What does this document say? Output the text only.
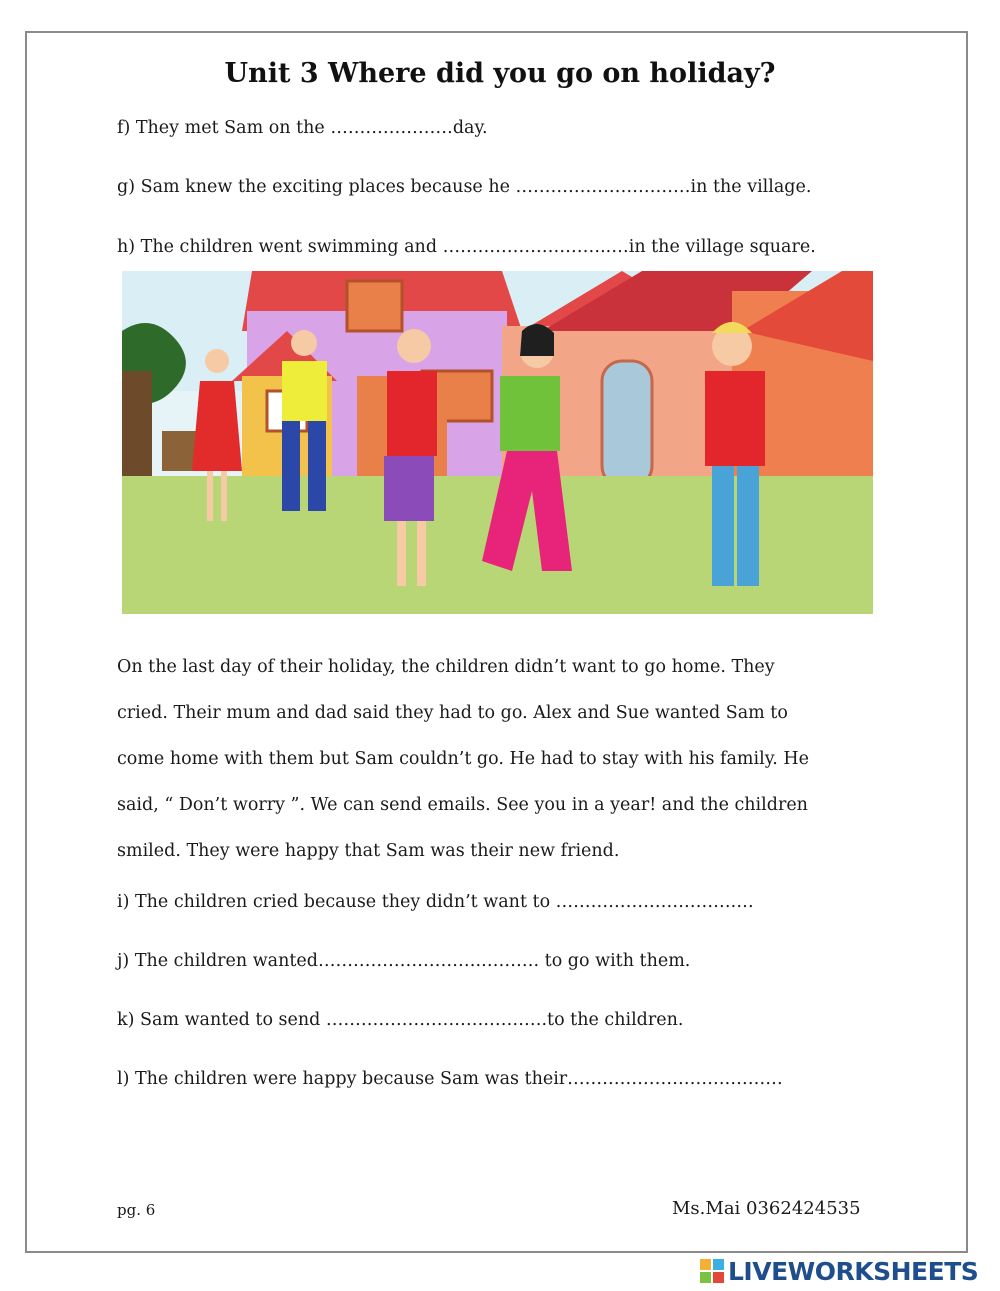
Unit 3 Where did you go on holiday?
f) They met Sam on the …………………day.
g) Sam knew the exciting places because he …………………………in the village.
h) The children went swimming and ………………………..…in the village square.
On the last day of their holiday, the children didn’t want to go home. They
cried. Their mum and dad said they had to go. Alex and Sue wanted Sam to
come home with them but Sam couldn’t go. He had to stay with his family. He
said, “ Don’t worry ”. We can send emails. See you in a year! and the children
smiled. They were happy that Sam was their new friend.
i) The children cried because they didn’t want to ………………………….…
j) The children wanted……………………….………. to go with them.
k) Sam wanted to send ……………………….……….to the children.
l) The children were happy because Sam was their……………………….………
pg. 6	Ms.Mai 0362424535
LIVEWORKSHEETS
